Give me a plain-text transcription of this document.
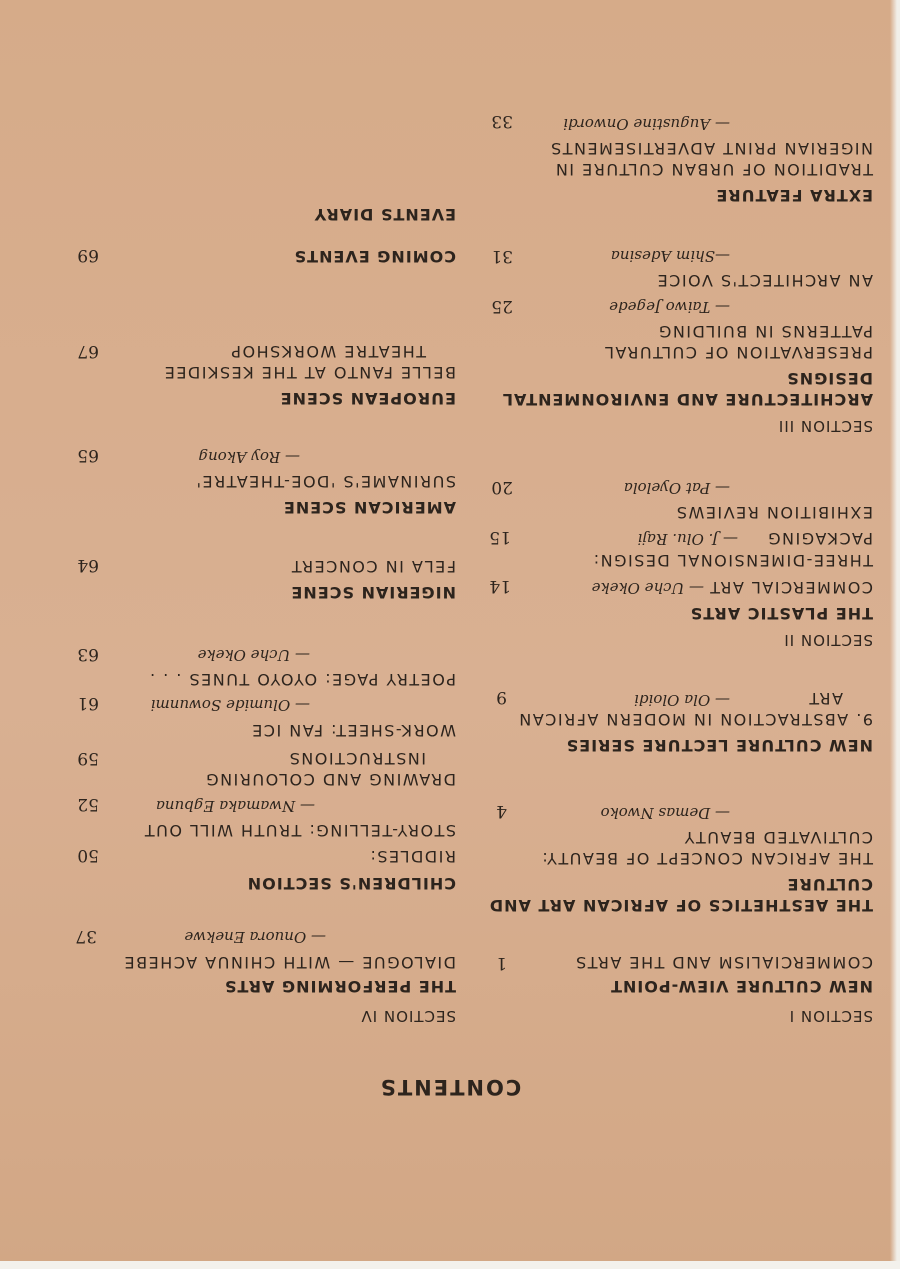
CONTENTS
SECTION I
NEW CULTURE VIEW-POINT
COMMERCIALISM AND THE ARTS
1
THE AESTHETICS OF AFRICAN ART AND
CULTURE
THE AFRICAN CONCEPT OF BEAUTY:
CULTIVATED BEAUTY
— Demas Nwoko
4
NEW CULTURE LECTURE SERIES
9. ABSTRACTION IN MODERN AFRICAN
ART
— Ola Oloidi
9
SECTION II
THE PLASTIC ARTS
COMMERCIAL ART
— Uche Okeke
14
THREE-DIMENSIONAL DESIGN:
PACKAGING
— J. Olu. Raji
15
EXHIBITION REVIEWS
— Pat Oyelola
20
SECTION III
ARCHITECTURE AND ENVIRONMENTAL
DESIGNS
PRESERVATION OF CULTURAL
PATTERNS IN BUILDING
— Taiwo Jegede
25
AN ARCHITECT'S VOICE
—Shim Adesina
31
EXTRA FEATURE
TRADITION OF URBAN CULTURE IN
NIGERIAN PRINT ADVERTISEMENTS
— Augustine Onwordi
33
SECTION IV
THE PERFORMING ARTS
DIALOGUE — WITH CHINUA ACHEBE
— Onuora Enekwe
37
CHILDREN'S SECTION
RIDDLES:
50
STORY-TELLING: TRUTH WILL OUT
— Nwamaka Egbuna
52
DRAWING AND COLOURING
INSTRUCTIONS
59
WORK-SHEET: FAN ICE
— Olumide Sowunmi
61
POETRY PAGE: OYOYO TUNES . . .
— Uche Okeke
63
NIGERIAN SCENE
FELA IN CONCERT
64
AMERICAN SCENE
SURINAME'S 'DOE-THEATRE'
— Roy Akong
65
EUROPEAN SCENE
BELLE FANTO AT THE KESKIDEE
THEATRE WORKSHOP
67
EVENTS DIARY
COMING EVENTS
69
